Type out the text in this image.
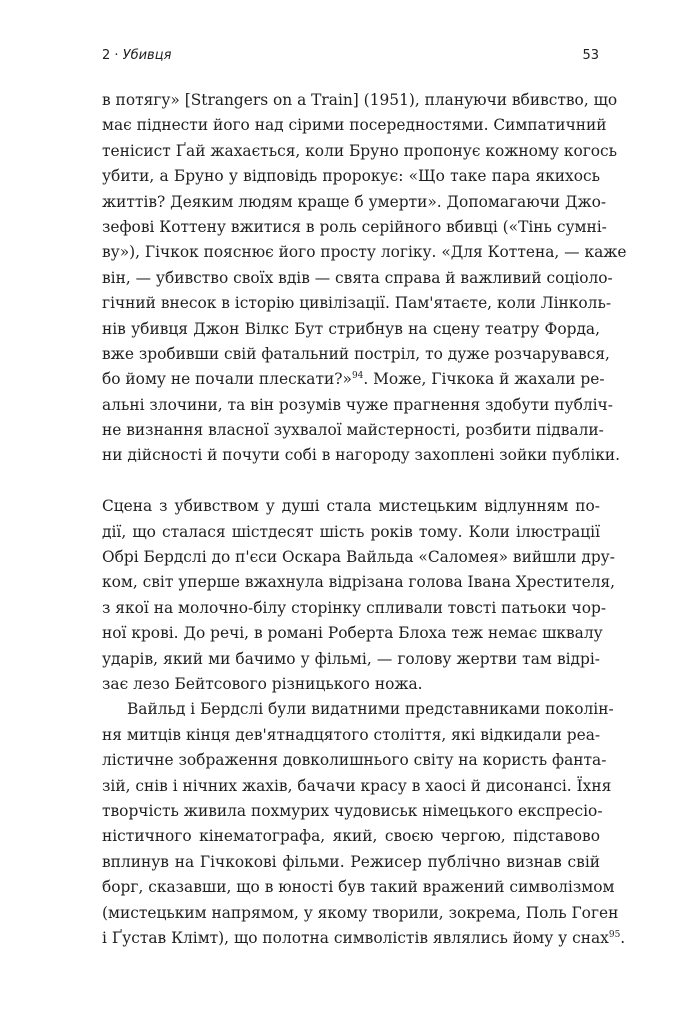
2 · Убивця	53
в потягу» [Strangers on a Train] (1951), плануючи вбивство, що
має піднести його над сірими посередностями. Симпатичний
тенісист Ґай жахається, коли Бруно пропонує кожному когось
убити, а Бруно у відповідь пророкує: «Що таке пара якихось
життів? Деяким людям краще б умерти». Допомагаючи Джо-
зефові Коттену вжитися в роль серійного вбивці («Тінь сумні-
ву»), Гічкок пояснює його просту логіку. «Для Коттена, — каже
він, — убивство своїх вдів — свята справа й важливий соціоло-
гічний внесок в історію цивілізації. Пам'ятаєте, коли Лінколь-
нів убивця Джон Вілкс Бут стрибнув на сцену театру Форда,
вже зробивши свій фатальний постріл, то дуже розчарувався,
бо йому не почали плескати?»$^{94}$. Може, Гічкока й жахали ре-
альні злочини, та він розумів чуже прагнення здобути публіч-
не визнання власної зухвалої майстерності, розбити підвали-
ни дійсності й почути собі в нагороду захоплені зойки публіки.
Сцена з убивством у душі стала мистецьким відлунням по-
дії, що сталася шістдесят шість років тому. Коли ілюстрації
Обрі Бердслі до п'єси Оскара Вайльда «Саломея» вийшли дру-
ком, світ уперше вжахнула відрізана голова Івана Хрестителя,
з якої на молочно-білу сторінку спливали товсті патьоки чор-
ної крові. До речі, в романі Роберта Блоха теж немає шквалу
ударів, який ми бачимо у фільмі, — голову жертви там відрі-
зає лезо Бейтсового різницького ножа.
Вайльд і Бердслі були видатними представниками поколін-
ня митців кінця дев'ятнадцятого століття, які відкидали реа-
лістичне зображення довколишнього світу на користь фанта-
зій, снів і нічних жахів, бачачи красу в хаосі й дисонансі. Їхня
творчість живила похмурих чудовиськ німецького експресіо-
ністичного кінематографа, який, своєю чергою, підставово
вплинув на Гічкокові фільми. Режисер публічно визнав свій
борг, сказавши, що в юності був такий вражений символізмом
(мистецьким напрямом, у якому творили, зокрема, Поль Гоген
і Ґустав Клімт), що полотна символістів являлись йому у снах$^{95}$.
